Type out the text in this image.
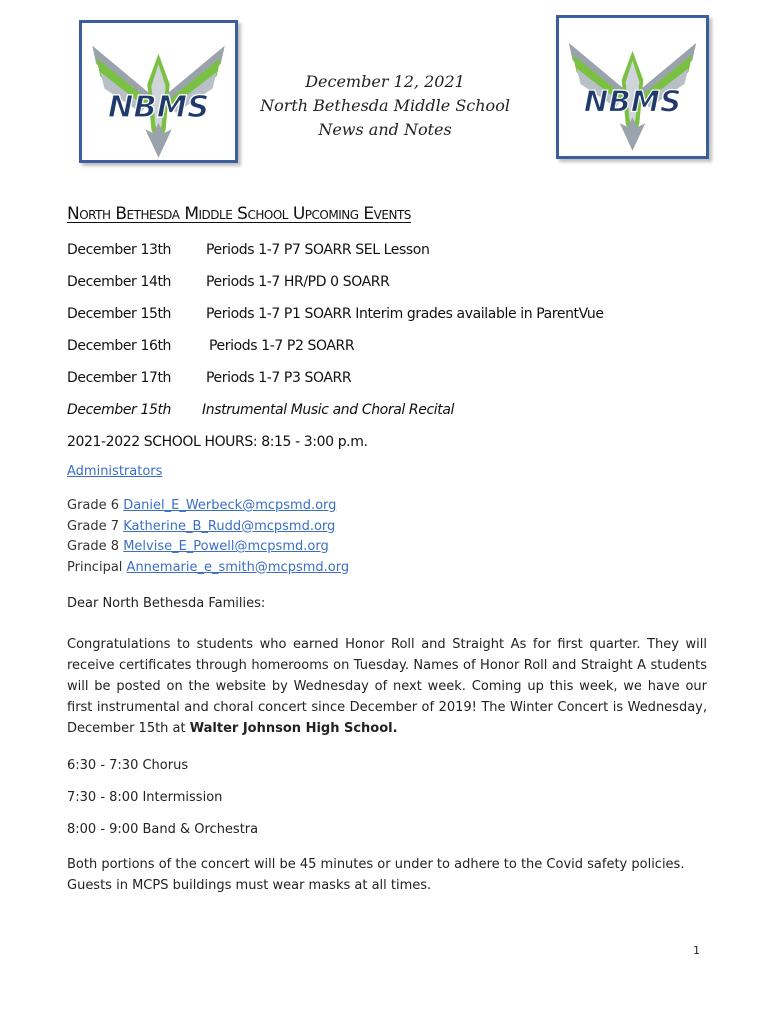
NBMS	NBMS
December 12, 2021
North Bethesda Middle School
News and Notes
North Bethesda Middle School Upcoming Events
December 13th Periods 1-7 P7 SOARR SEL Lesson
December 14th Periods 1-7 HR/PD 0 SOARR
December 15th Periods 1-7 P1 SOARR Interim grades available in ParentVue
December 16th	Periods 1-7 P2 SOARR
December 17th Periods 1-7 P3 SOARR
December 15th Instrumental Music and Choral Recital
2021-2022 SCHOOL HOURS: 8:15 - 3:00 p.m.
Administrators
Grade 6 Daniel_E_Werbeck@mcpsmd.org
Grade 7 Katherine_B_Rudd@mcpsmd.org
Grade 8 Melvise_E_Powell@mcpsmd.org
Principal Annemarie_e_smith@mcpsmd.org
Dear North Bethesda Families:
Congratulations to students who earned Honor Roll and Straight As for first quarter. They will receive certificates through homerooms on Tuesday. Names of Honor Roll and Straight A students will be posted on the website by Wednesday of next week. Coming up this week, we have our first instrumental and choral concert since December of 2019! The Winter Concert is Wednesday, December 15th at Walter Johnson High School.
6:30 - 7:30 Chorus
7:30 - 8:00 Intermission
8:00 - 9:00 Band & Orchestra
Both portions of the concert will be 45 minutes or under to adhere to the Covid safety policies.
Guests in MCPS buildings must wear masks at all times.
1
